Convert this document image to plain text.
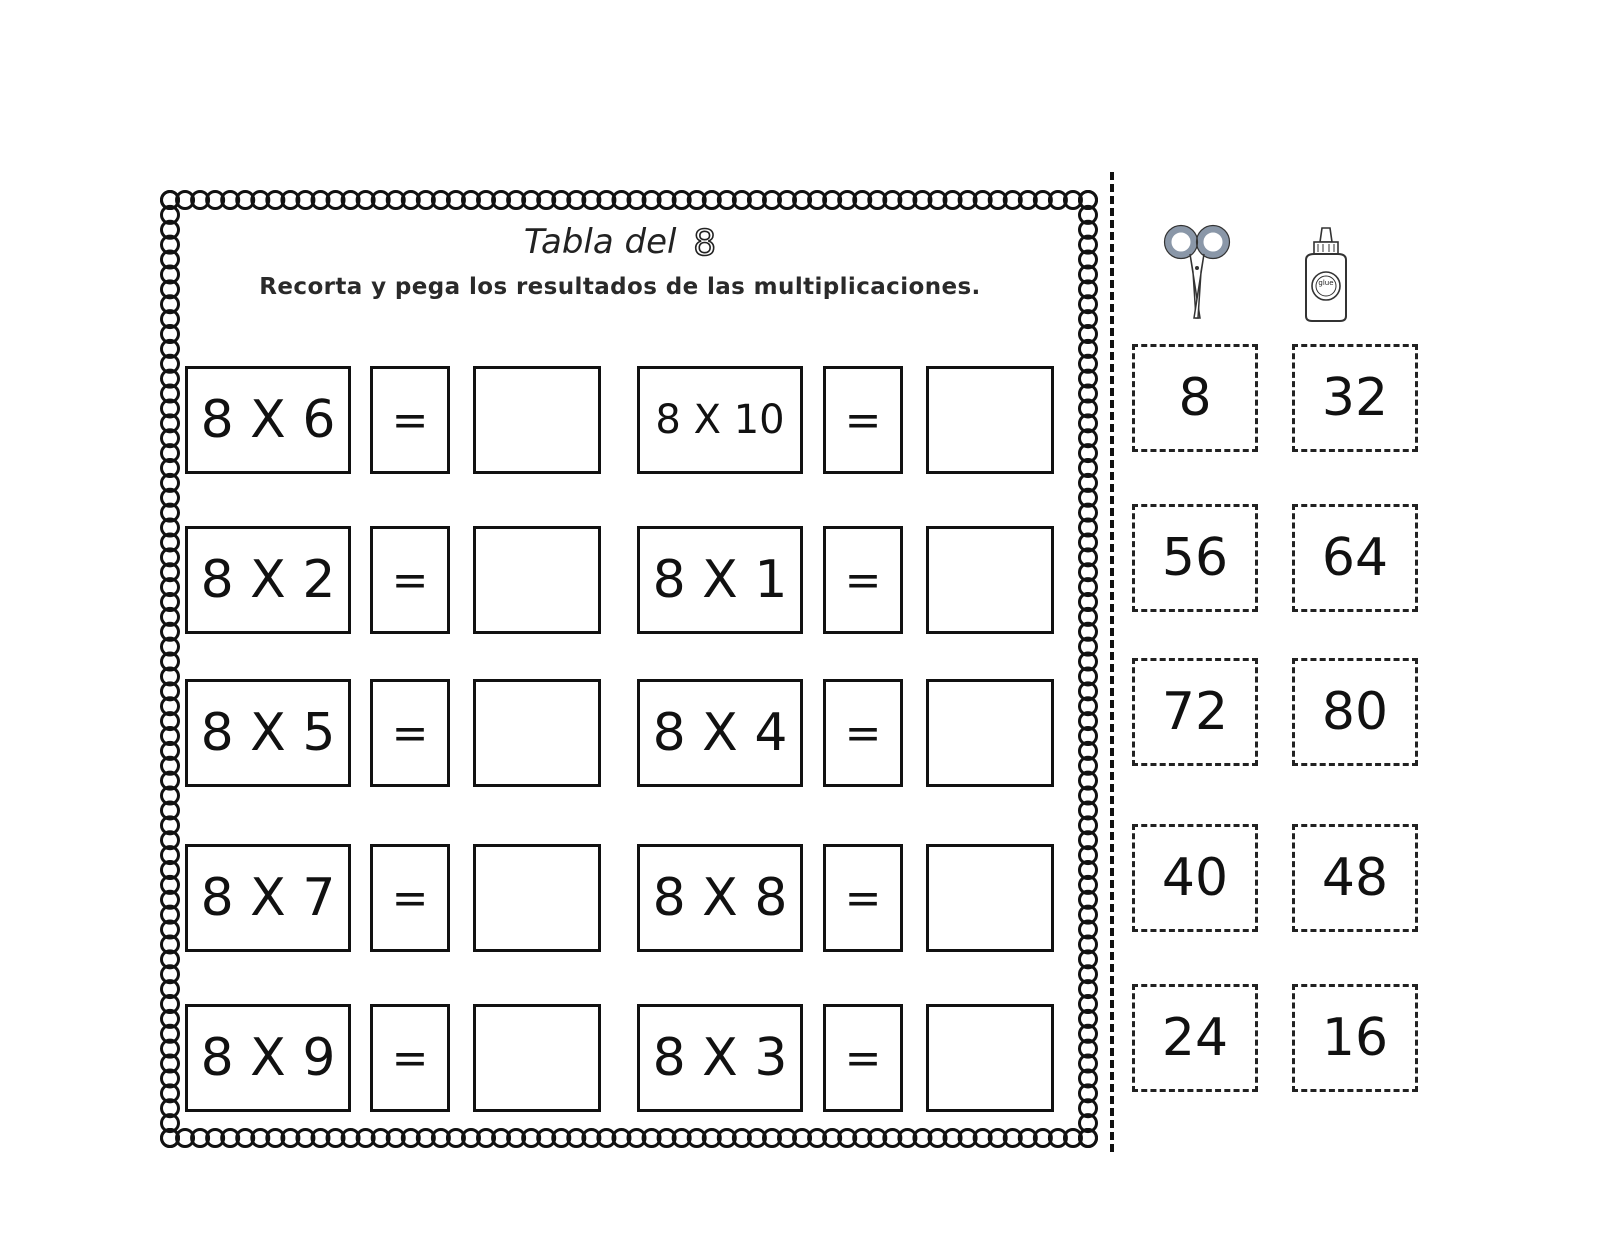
Tabla del 8
Recorta y pega los resultados de las multiplicaciones.
8 X 6	=	8 X 10	=
8 X 2	=	8 X 1	=
8 X 5	=	8 X 4	=
8 X 7	=	8 X 8	=
8 X 9	=	8 X 3	=
glue
8	32
56	64
72	80
40	48
24	16
